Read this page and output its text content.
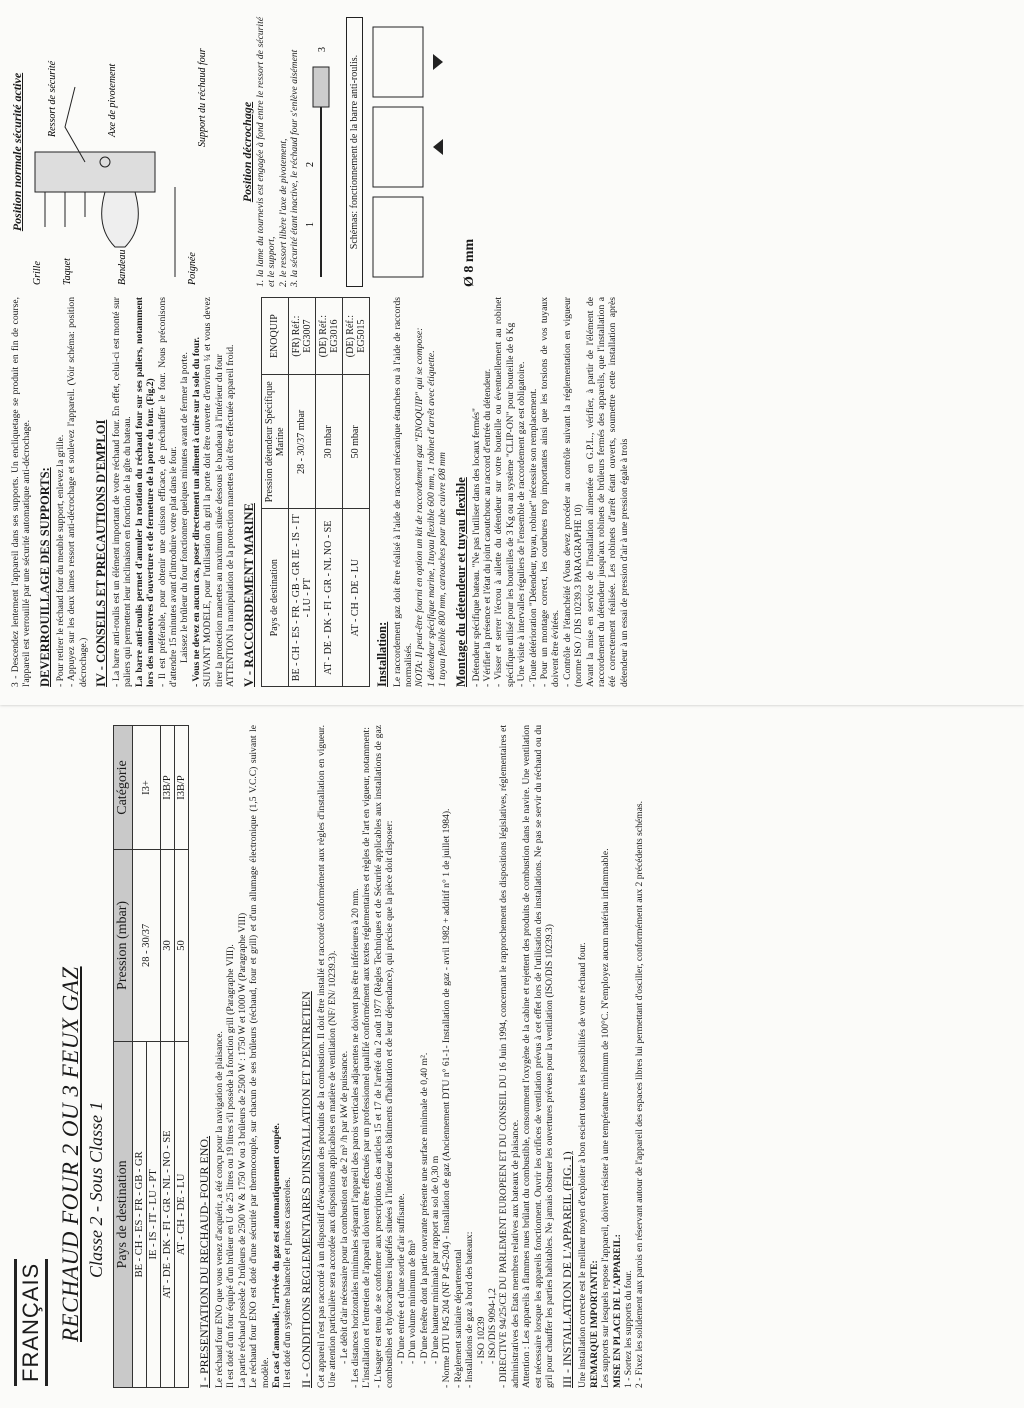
FRANÇAIS RECHAUD FOUR 2 OU 3 FEUX GAZ Classe 2 - Sous Classe 1 Pays de destination	Pression (mbar)	Catégorie
BE - CH - ES - FR - GB - GR	28 - 30/37	I3+
IE - IS - IT - LU - PT		
AT - DE - DK - FI - GR - NL - NO - SE	30	I3B/P
AT - CH - DE - LU	50	I3B/P
I - PRESENTATION DU RECHAUD- FOUR ENO. Le réchaud four ENO que vous venez d'acquérir, a été conçu pour la navigation de plaisance. Il est doté d'un four équipé d'un brûleur en U de 25 litres ou 19 litres s'il possède la fonction grill (Paragraphe VIII). La partie réchaud possède 2 brûleurs de 2500 W & 1750 W ou 3 brûleurs de 2500 W : 1750 W et 1000 W (Paragraphe VIII) Le réchaud four ENO est doté d'une sécurité par thermocouple, sur chacun de ses brûleurs (réchaud, four et grill) et d'un allumage électronique (1,5 V.C.C) suivant le modèle. En cas d'anomalie, l'arrivée du gaz est automatiquement coupée. Il est doté d'un système balancelle et pinces casseroles. II - CONDITIONS REGLEMENTAIRES D'INSTALLATION ET D'ENTRETIEN Cet appareil n'est pas raccordé à un dispositif d'évacuation des produits de la combustion. Il doit être installé et raccordé conformément aux règles d'installation en vigueur. Une attention particulière sera accordée aux dispositions applicables en matière de ventilation (NF/ EN/ 10239.3). - Le débit d'air nécessaire pour la combustion est de 2 m³ /h par kW de puissance. - Les distances horizontales minimales séparant l'appareil des parois verticales adjacentes ne doivent pas être inférieures à 20 mm. L'installation et l'entretien de l'appareil doivent être effectués par un professionnel qualifié conformément aux textes réglementaires et règles de l'art en vigueur, notamment: - L'usager est tenu de se conformer aux prescriptions des articles 15 et 17 de l'arrêté du 2 août 1977 (Règles Techniques et de Sécurité applicables aux installations de gaz combustibles et hydrocarbures liquéfiés situées à l'intérieur des bâtiments d'habitation et de leur dépendance), qui précise que la pièce doit disposer: - D'une entrée et d'une sortie d'air suffisante. - D'un volume minimum de 8m³ - D'une fenêtre dont la partie ouvrante présente une surface minimale de 0,40 m². - D'une hauteur minimale par rapport au sol de 0,30 m - Norme DTU P45 204 (NF P 45-204) - Installation de gaz (Anciennement DTU n° 61-1- Installation de gaz - avril 1982 + additif n° 1 de juillet 1984). - Règlement sanitaire départemental - Installations de gaz à bord des bateaux: - ISO 10239 - ISO/DIS 9094-1,2 - DIRECTIVE 94/25/CE DU PARLEMENT EUROPEEN ET DU CONSEIL DU 16 Juin 1994, concernant le rapprochement des dispositions législatives, réglementaires et administratives des Etats membres relatives aux bateaux de plaisance. Attention : Les appareils à flammes nues brûlant du combustible, consomment l'oxygène de la cabine et rejettent des produits de combustion dans le navire. Une ventilation est nécessaire lorsque les appareils fonctionnent. Ouvrir les orifices de ventilation prévus à cet effet lors de l'utilisation des installations. Ne pas se servir du réchaud ou du gril pour chauffer les parties habitables. Ne jamais obstruer les ouvertures prévues pour la ventilation (ISO/DIS 10239.3) III - INSTALLATION DE L'APPAREIL (FIG. 1) Une installation correcte est le meilleur moyen d'exploiter à bon escient toutes les possibilités de votre réchaud four. REMARQUE IMPORTANTE: Les supports sur lesquels repose l'appareil, doivent résister à une température minimum de 100°C. N'employez aucun matériau inflammable. MISE EN PLACE DE L'APPAREIL: 1 - Sortez les supports du four. 2 - Fixez les solidement aux parois en réservant autour de l'appareil des espaces libres lui permettant d'osciller, conformément aux 2 précédents schémas.

3 - Descendez lentement l'appareil dans ses supports. Un encliquetage se produit en fin de course, l'appareil est verrouillé par une sécurité automatique anti-décrochage. DEVERROUILLAGE DES SUPPORTS: - Pour retirer le réchaud four du meuble support, enlevez la grille. - Appuyez sur les deux lames ressort anti-décrochage et soulevez l'appareil. (Voir schéma: position décrochage.) IV - CONSEILS ET PRECAUTIONS D'EMPLOI - La barre anti-roulis est un élément important de votre réchaud four. En effet, celui-ci est monté sur paliers qui permettent leur inclinaison en fonction de la gîte du bateau. La barre anti-roulis permet d'annuler la rotation du réchaud four sur ses paliers, notamment lors des manoeuvres d'ouverture et de fermeture de la porte du four. (Fig.2) - Il est préférable, pour obtenir une cuisson efficace, de préchauffer le four. Nous préconisons d'attendre 15 minutes avant d'introduire votre plat dans le four. Laissez le brûleur du four fonctionner quelques minutes avant de fermer la porte. - Vous ne devez en aucun cas, poser directement un aliment à cuire sur la sole du four. SUIVANT MODELE, pour l'utilisation du gril la porte doit être ouverte d'environ ¼ et vous devez tirer la protection manettes au maximum située dessous le bandeau à l'intérieur du four ATTENTION la manipulation de la protection manettes doit être effectuée appareil froid. V - RACCORDEMENT MARINE Pays de destination	Pression détendeur Spécifique Marine	ENOQUIP
BE - CH - ES - FR - GB - GR IE - IS - IT - LU - PT	28 - 30/37 mbar	(FR) Réf.: EG3007
AT - DE - DK - FI - GR - NL NO - SE	30 mbar	(DE) Réf.: EG3016
AT - CH - DE - LU	50 mbar	(DE) Réf.: EG5015
Installation: Le raccordement gaz doit être réalisé à l'aide de raccord mécanique étanches ou à l'aide de raccords normalisés. NOTA: Il peut-être fourni en option un kit de raccordement gaz "ENOQUIP" qui se compose: 1 détendeur spécifique marine, 1tuyau flexible 600 mm, 1 robinet d'arrêt avec étiquette. 1 tuyau flexible 800 mm, cartouches pour tube cuivre Ø8 mm Montage du détendeur et tuyau flexible - Détendeur spécifique bateau. "Ne pas l'utiliser dans des locaux fermés" - Vérifier la présence et l'état du joint caoutchouc au raccord d'entrée du détendeur. - Visser et serrer l'écrou à ailette du détendeur sur votre bouteille ou éventuellement au robinet spécifique utilisé pour les bouteilles de 3 Kg ou au système "CLIP-ON" pour bouteille de 6 Kg - Une visite à intervalles réguliers de l'ensemble de raccordement gaz est obligatoire. - Toute détérioration "Détendeur, tuyau, robinet" nécessite son remplacement. - Pour un montage correct, les courbures trop importantes ainsi que les torsions de vos tuyaux doivent être évitées. - Contrôle de l'étanchéité (Vous devez procéder au contrôle suivant la réglementation en vigueur (norme ISO / DIS 10239.3 PARAGRAPHE 10) Avant la mise en service de l'installation alimentée en G.P.L., vérifier, à partir de l'élément de raccordement du détendeur jusqu'aux robinets de brûleurs fermés des appareils, que l'installation a été correctement réalisée. Les robinets d'arrêt étant ouverts, soumettre cette installation après détendeur à un essai de pression d'air à une pression égale à trois

Position normale sécurité active
Grille Taquet	Bandeau	Poignée
Ressort de sécurité	Axe de pivotement	Support du réchaud four
Position décrochage 1. la lame du tournevis est engagée à fond entre le ressort de sécurité et le support, 2. le ressort libère l'axe de pivotement, 3. la sécurité étant inactive, le réchaud four s'enlève aisément 1
2
3
Schémas: fonctionnement de la barre anti-roulis.
Ø 8 mm
